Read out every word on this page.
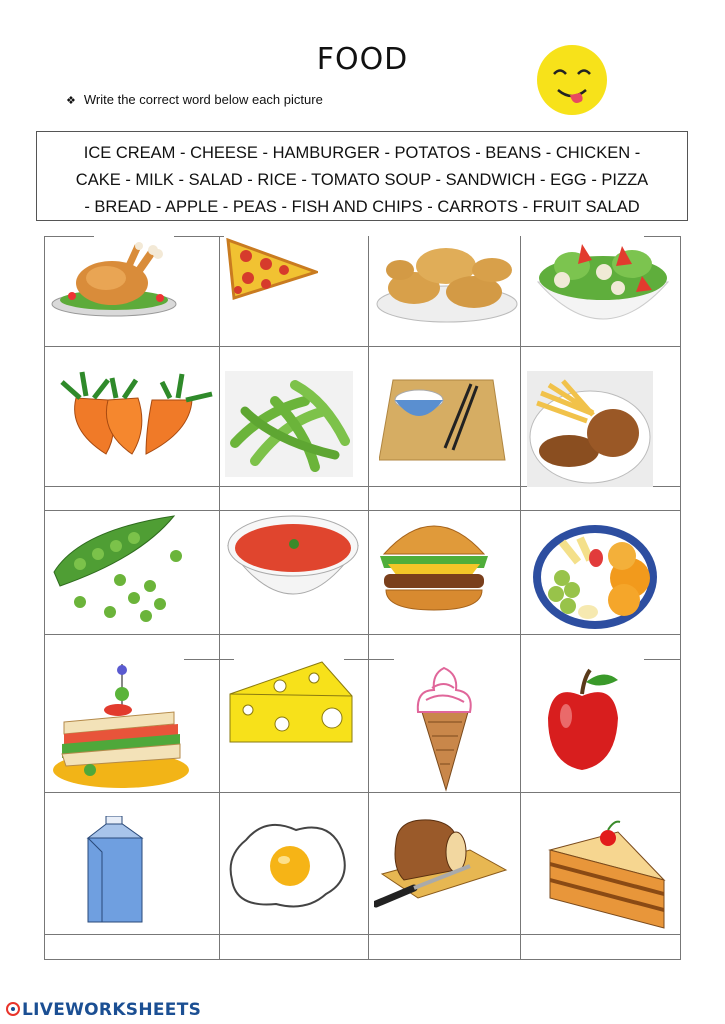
FOOD
❖ Write the correct word below each picture
ICE CREAM - CHEESE - HAMBURGER - POTATOS - BEANS - CHICKEN -
CAKE - MILK - SALAD - RICE - TOMATO SOUP - SANDWICH - EGG - PIZZA
- BREAD - APPLE - PEAS - FISH AND CHIPS - CARROTS - FRUIT SALAD
LIVEWORKSHEETS
